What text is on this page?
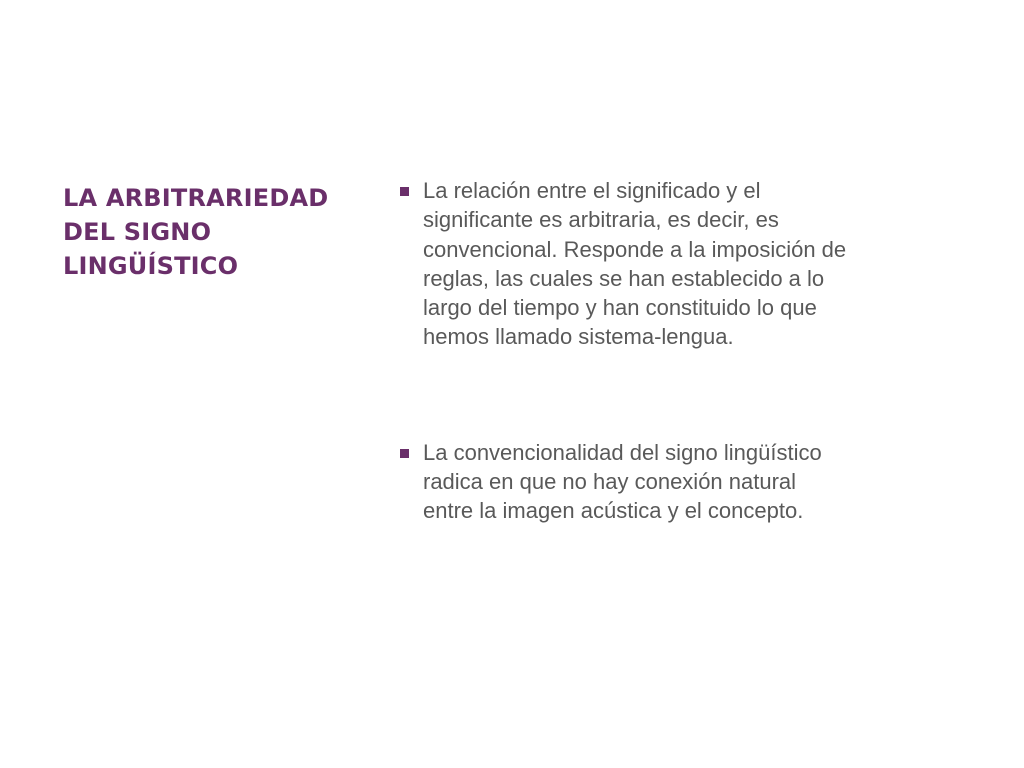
LA ARBITRARIEDAD DEL SIGNO LINGÜÍSTICO
La relación entre el significado y el significante es arbitraria, es decir, es convencional. Responde a la imposición de reglas, las cuales se han establecido a lo largo del tiempo y han constituido lo que hemos llamado sistema-lengua.
La convencionalidad del signo lingüístico radica en que no hay conexión natural entre la imagen acústica y el concepto.
